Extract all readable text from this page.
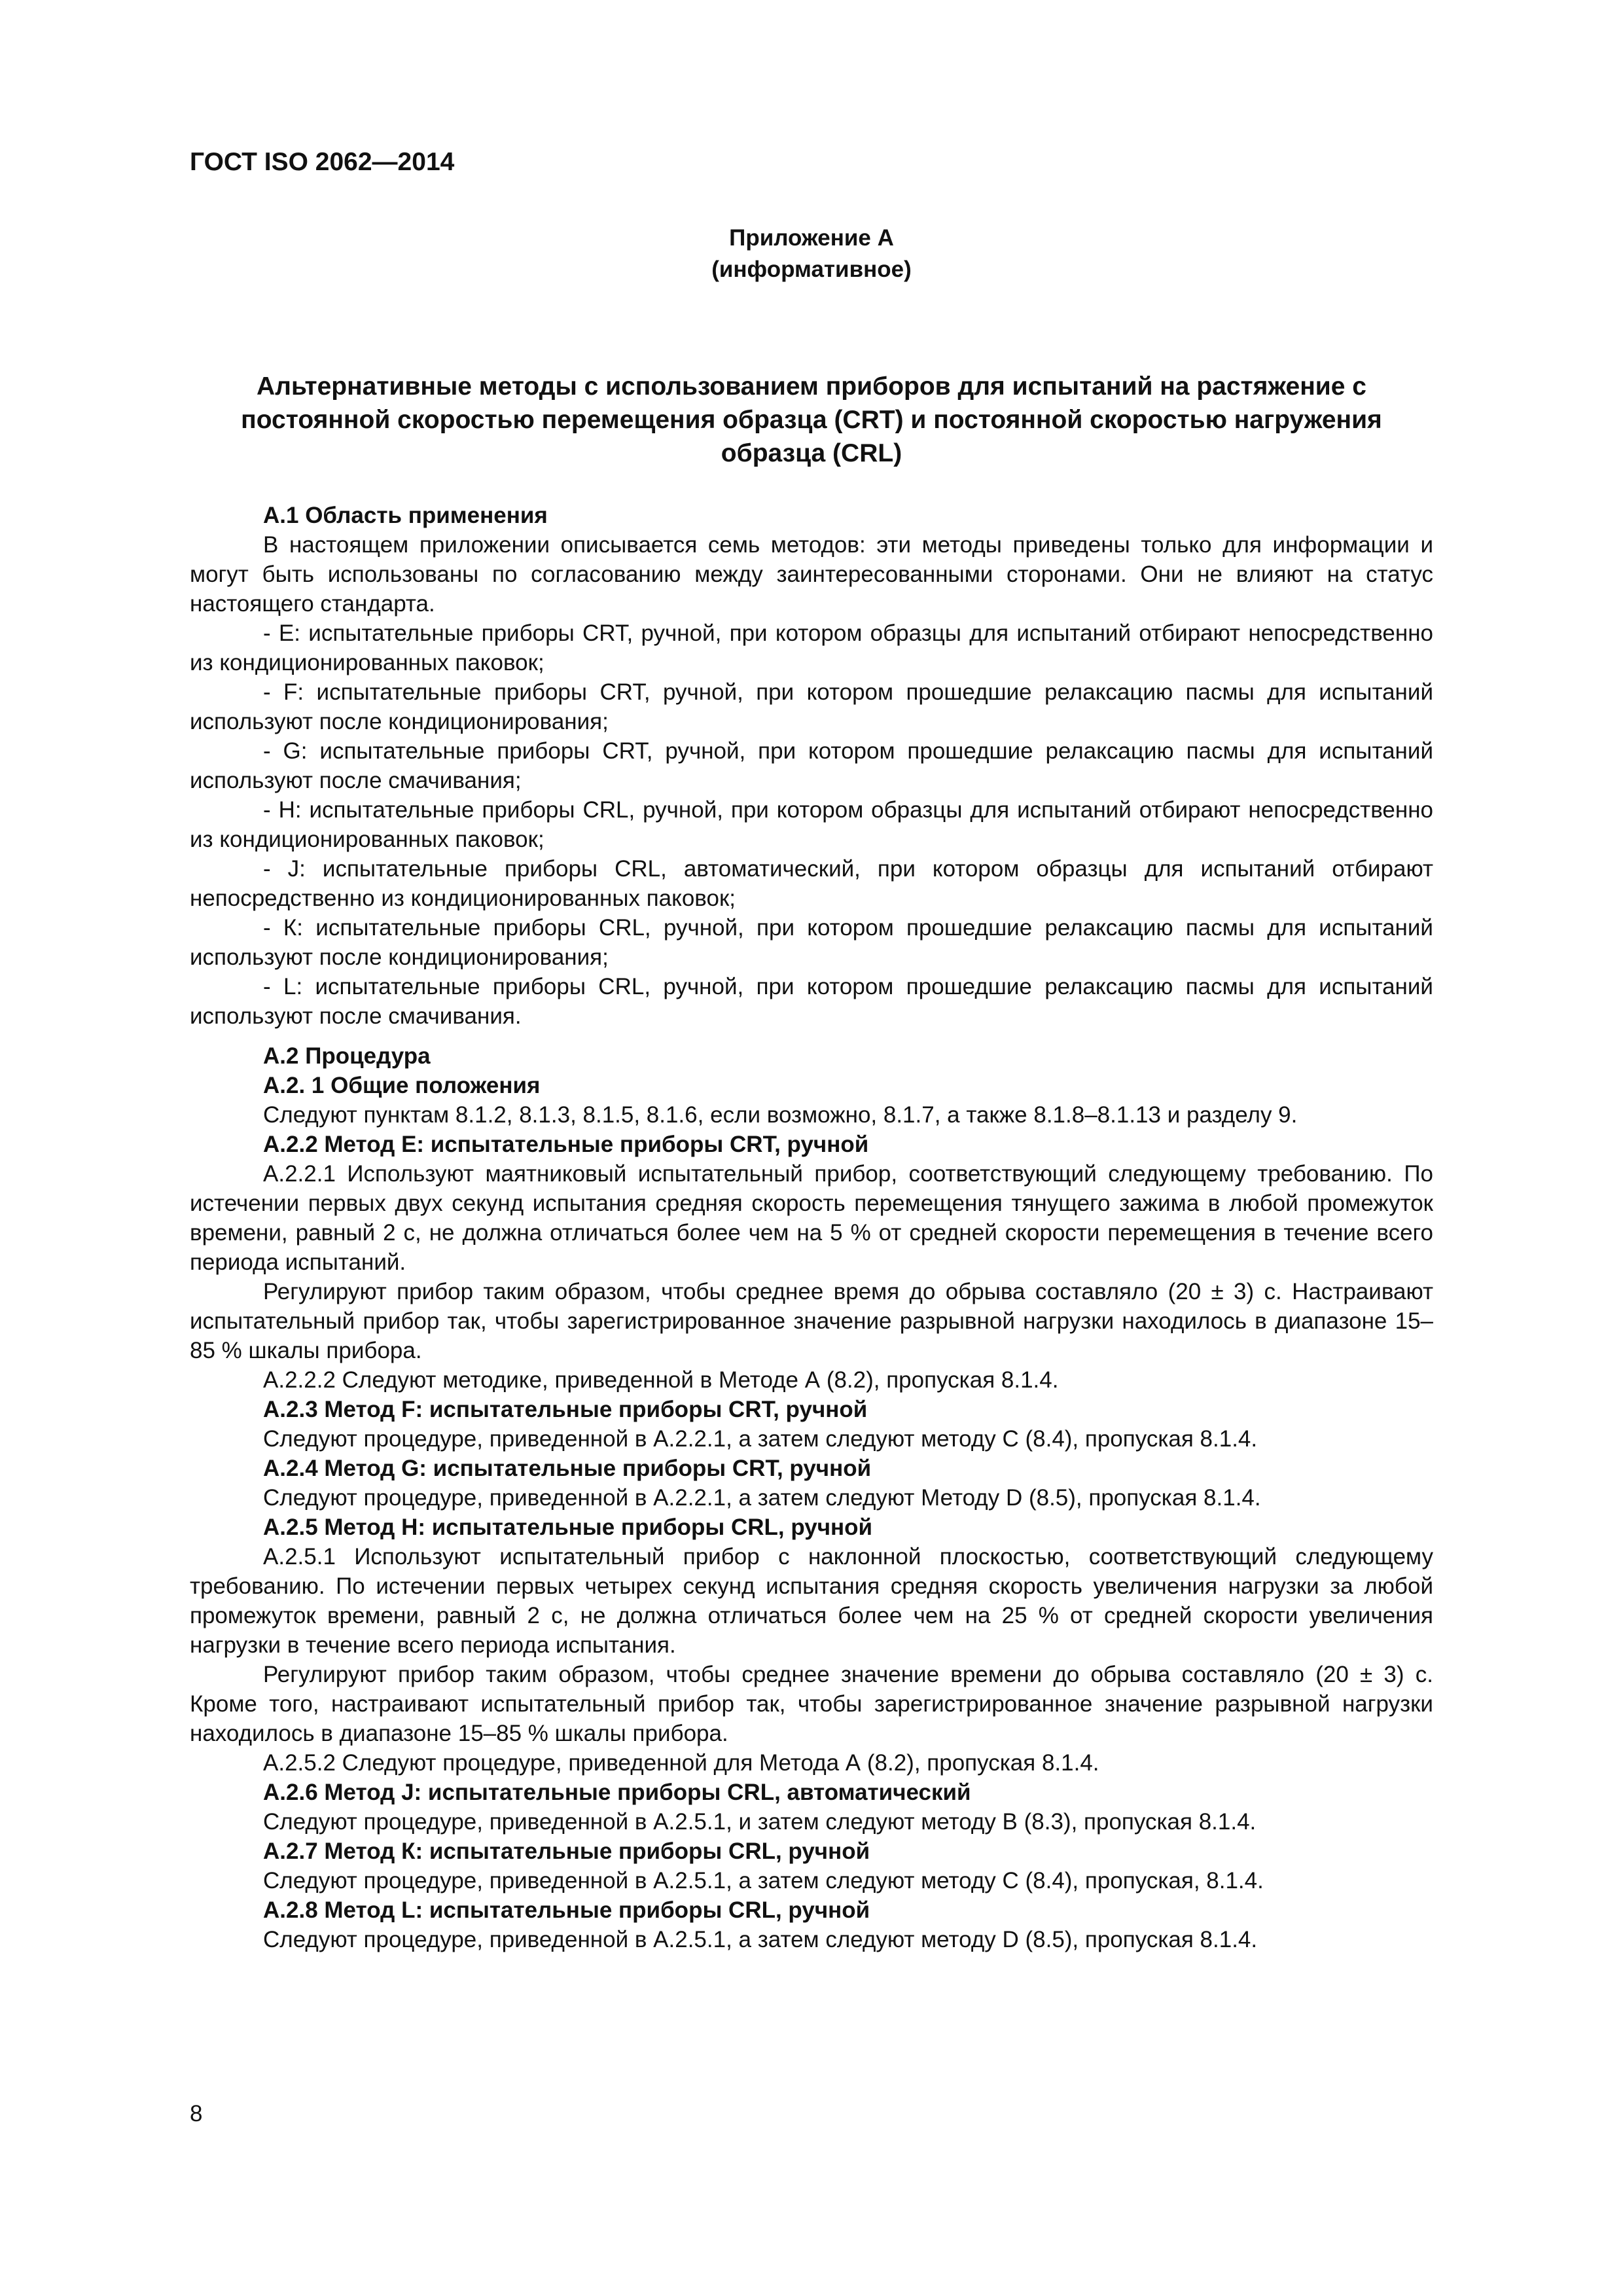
ГОСТ ISO 2062—2014

Приложение А
(информативное)
Альтернативные методы с использованием приборов для испытаний на растяжение с постоянной скоростью перемещения образца (CRT) и постоянной скоростью нагружения образца (CRL)

А.1 Область применения

В настоящем приложении описывается семь методов: эти методы приведены только для информации и могут быть использованы по согласованию между заинтересованными сторонами. Они не влияют на статус настоящего стандарта.

- Е: испытательные приборы CRT, ручной, при котором образцы для испытаний отбирают непосредственно из кондиционированных паковок;

- F: испытательные приборы CRT, ручной, при котором прошедшие релаксацию пасмы для испытаний используют после кондиционирования;

- G: испытательные приборы CRT, ручной, при котором прошедшие релаксацию пасмы для испытаний используют после смачивания;

- Н: испытательные приборы CRL, ручной, при котором образцы для испытаний отбирают непосредственно из кондиционированных паковок;

- J: испытательные приборы CRL, автоматический, при котором образцы для испытаний отбирают непосредственно из кондиционированных паковок;

- К: испытательные приборы CRL, ручной, при котором прошедшие релаксацию пасмы для испытаний используют после кондиционирования;

- L: испытательные приборы CRL, ручной, при котором прошедшие релаксацию пасмы для испытаний используют после смачивания.

А.2 Процедура

А.2. 1 Общие положения

Следуют пунктам 8.1.2, 8.1.3, 8.1.5, 8.1.6, если возможно, 8.1.7, а также 8.1.8–8.1.13 и разделу 9.

А.2.2 Метод Е: испытательные приборы CRT, ручной

А.2.2.1 Используют маятниковый испытательный прибор, соответствующий следующему требованию. По истечении первых двух секунд испытания средняя скорость перемещения тянущего зажима в любой промежуток времени, равный 2 с, не должна отличаться более чем на 5 % от средней скорости перемещения в течение всего периода испытаний.

Регулируют прибор таким образом, чтобы среднее время до обрыва составляло (20 ± 3) с. Настраивают испытательный прибор так, чтобы зарегистрированное значение разрывной нагрузки находилось в диапазоне 15–85 % шкалы прибора.

А.2.2.2 Следуют методике, приведенной в Методе А (8.2), пропуская 8.1.4.

А.2.3 Метод F: испытательные приборы CRT, ручной

Следуют процедуре, приведенной в А.2.2.1, а затем следуют методу С (8.4), пропуская 8.1.4.

А.2.4 Метод G: испытательные приборы CRT, ручной

Следуют процедуре, приведенной в А.2.2.1, а затем следуют Методу D (8.5), пропуская 8.1.4.

А.2.5 Метод Н: испытательные приборы CRL, ручной

А.2.5.1 Используют испытательный прибор с наклонной плоскостью, соответствующий следующему требованию. По истечении первых четырех секунд испытания средняя скорость увеличения нагрузки за любой промежуток времени, равный 2 с, не должна отличаться более чем на 25 % от средней скорости увеличения нагрузки в течение всего периода испытания.

Регулируют прибор таким образом, чтобы среднее значение времени до обрыва составляло (20 ± 3) с. Кроме того, настраивают испытательный прибор так, чтобы зарегистрированное значение разрывной нагрузки находилось в диапазоне 15–85 % шкалы прибора.

А.2.5.2 Следуют процедуре, приведенной для Метода А (8.2), пропуская 8.1.4.

А.2.6 Метод J: испытательные приборы CRL, автоматический

Следуют процедуре, приведенной в А.2.5.1, и затем следуют методу В (8.3), пропуская 8.1.4.

А.2.7 Метод К: испытательные приборы CRL, ручной

Следуют процедуре, приведенной в А.2.5.1, а затем следуют методу С (8.4), пропуская, 8.1.4.

А.2.8 Метод L: испытательные приборы CRL, ручной

Следуют процедуре, приведенной в А.2.5.1, а затем следуют методу D (8.5), пропуская 8.1.4.

8
